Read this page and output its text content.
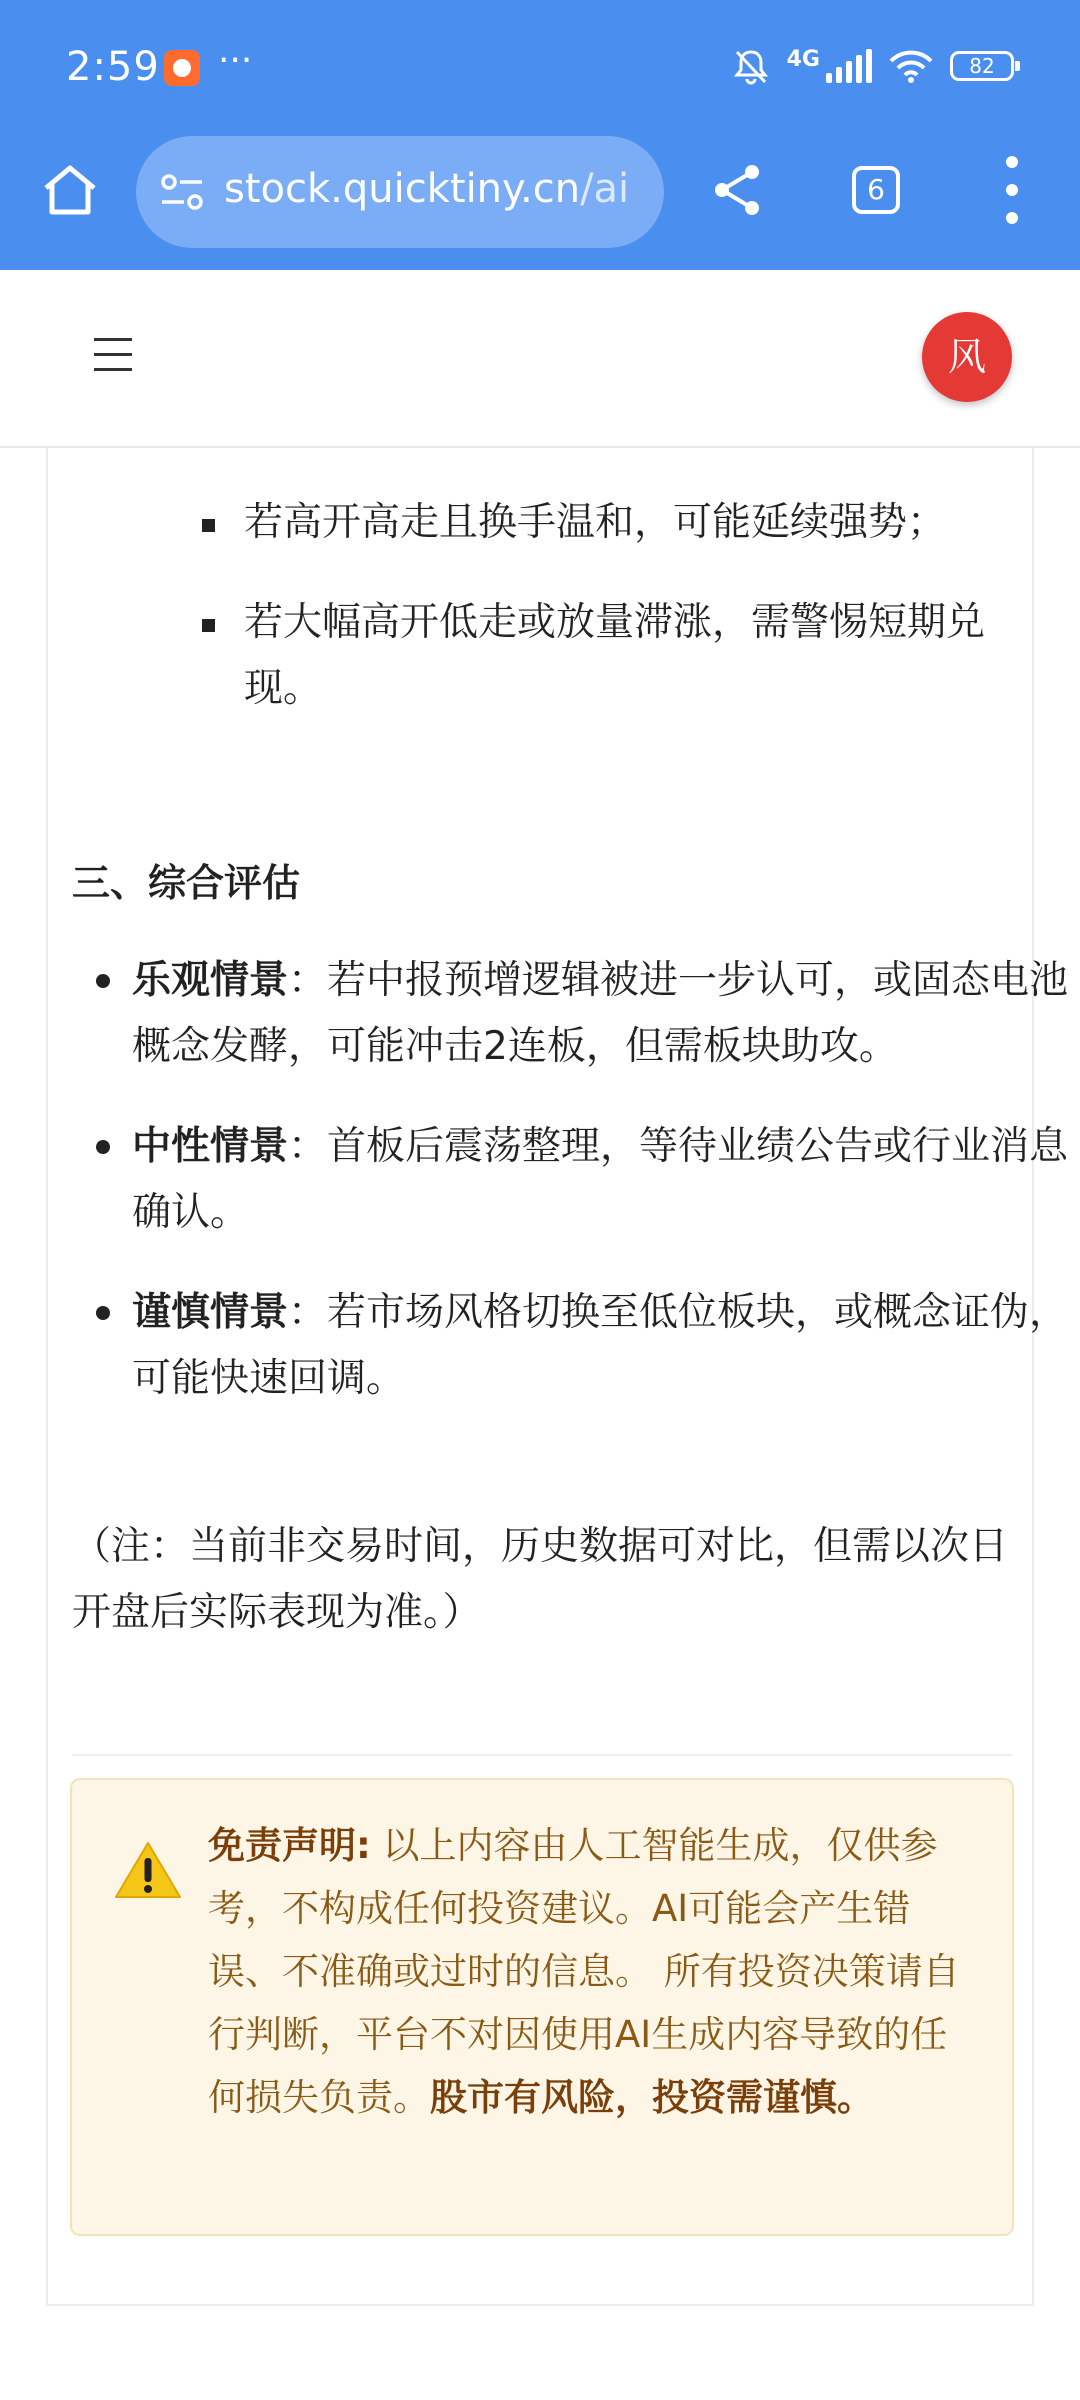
2:59 ···	4G	82
stock.quicktiny.cn/ai	6
风
若高开高走且换手温和，可能延续强势；
若大幅高开低走或放量滞涨，需警惕短期兑现。
三、综合评估
乐观情景：若中报预增逻辑被进一步认可，或固态电池概念发酵，可能冲击2连板，但需板块助攻。
中性情景：首板后震荡整理，等待业绩公告或行业消息确认。
谨慎情景：若市场风格切换至低位板块，或概念证伪，可能快速回调。
（注：当前非交易时间，历史数据可对比，但需以次日开盘后实际表现为准。）
免责声明: 以上内容由人工智能生成，仅供参考，不构成任何投资建议。AI可能会产生错误、不准确或过时的信息。 所有投资决策请自行判断，平台不对因使用AI生成内容导致的任何损失负责。股市有风险，投资需谨慎。
